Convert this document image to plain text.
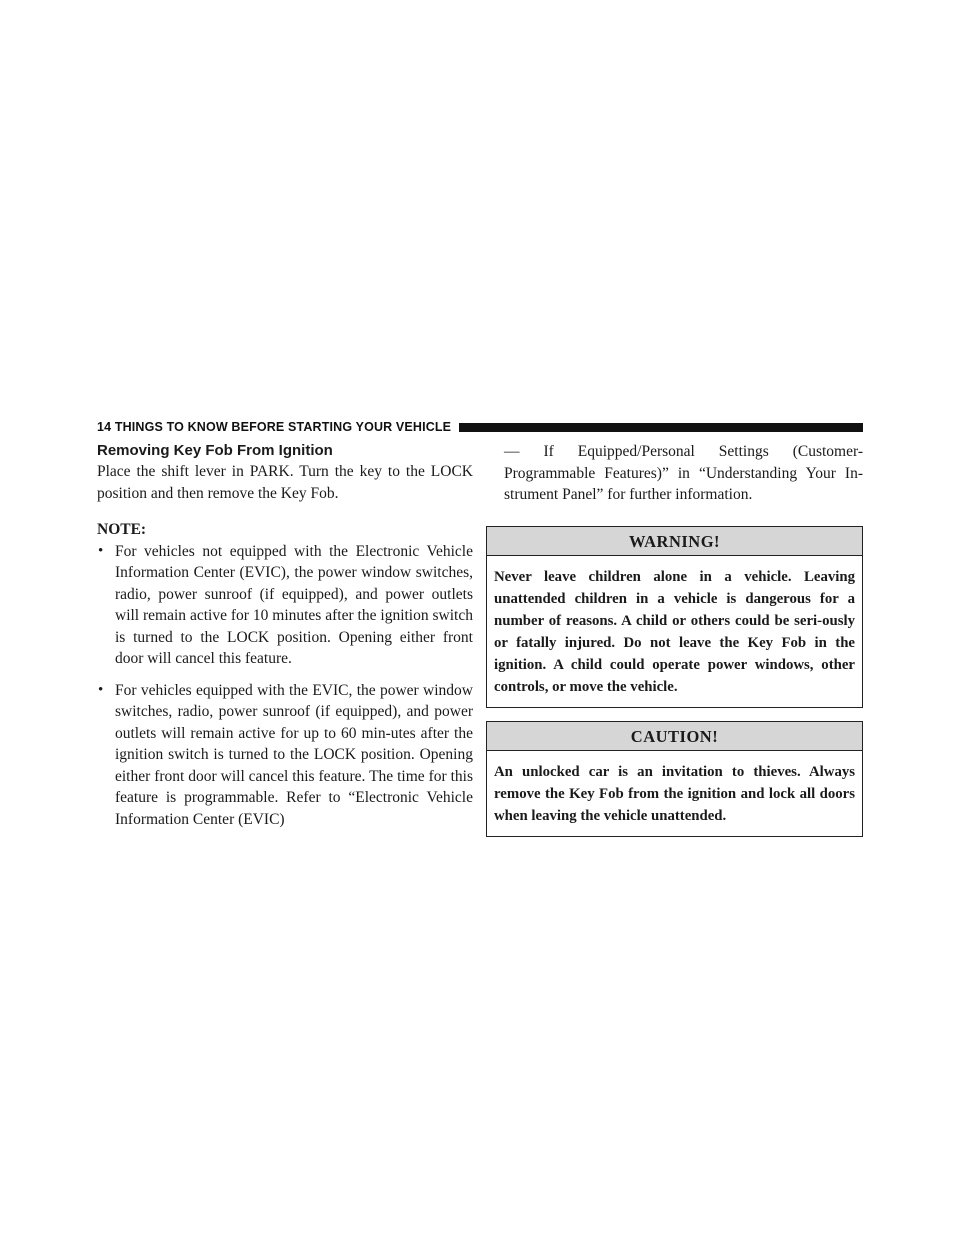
14 THINGS TO KNOW BEFORE STARTING YOUR VEHICLE
Removing Key Fob From Ignition

Place the shift lever in PARK. Turn the key to the LOCK position and then remove the Key Fob.

NOTE:

• For vehicles not equipped with the Electronic Vehicle Information Center (EVIC), the power window switches, radio, power sunroof (if equipped), and power outlets will remain active for 10 minutes after the ignition switch is turned to the LOCK position. Opening either front door will cancel this feature.
• For vehicles equipped with the EVIC, the power window switches, radio, power sunroof (if equipped), and power outlets will remain active for up to 60 min-utes after the ignition switch is turned to the LOCK position. Opening either front door will cancel this feature. The time for this feature is programmable. Refer to “Electronic Vehicle Information Center (EVIC)

— If Equipped/Personal Settings (Customer-Programmable Features)” in “Understanding Your In-strument Panel” for further information.

WARNING!
Never leave children alone in a vehicle. Leaving unattended children in a vehicle is dangerous for a number of reasons. A child or others could be seri-ously or fatally injured. Do not leave the Key Fob in the ignition. A child could operate power windows, other controls, or move the vehicle.
CAUTION!
An unlocked car is an invitation to thieves. Always remove the Key Fob from the ignition and lock all doors when leaving the vehicle unattended.
